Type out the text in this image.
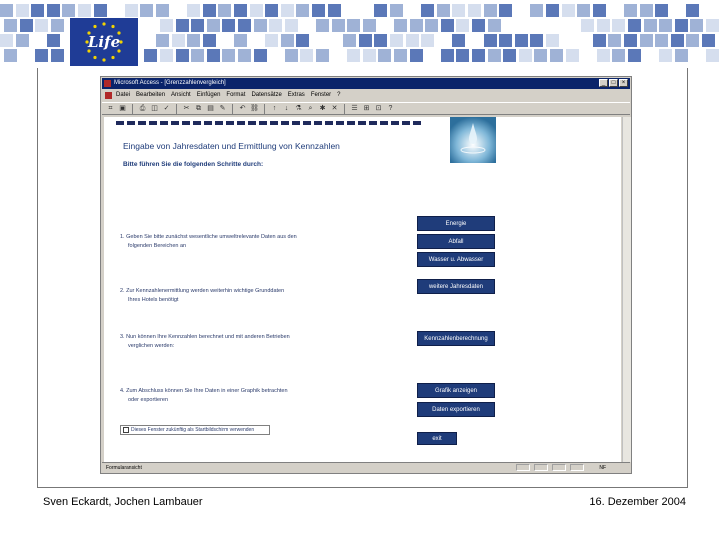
Life
Microsoft Access - [Grenzzahlenvergleich]	_	□	×
Datei Bearbeiten Ansicht Einfügen Format Datensätze Extras Fenster ?
⌗ ▣ ⎙ ◫ ✓ ✂ ⧉ ▤ ✎ ↶ ⛓	↑	↓	⚗ ⌕	✱ ✕ ☰ ⊞ ⊡	?
Eingabe von Jahresdaten und Ermittlung von Kennzahlen
Bitte führen Sie die folgenden Schritte durch:
1. Geben Sie bitte zunächst wesentliche umweltrelevante Daten aus den
folgenden Bereichen an
2. Zur Kennzahlenermittlung werden weiterhin wichtige Grunddaten
Ihres Hotels benötigt
3. Nun können Ihre Kennzahlen berechnet und mit anderen Betrieben
verglichen werden:
4. Zum Abschluss können Sie Ihre Daten in einer Graphik betrachten
oder exportieren
Energie
Abfall
Wasser u. Abwasser
weitere Jahresdaten
Kennzahlenberechnung
Grafik anzeigen
Daten exportieren
exit
Dieses Fenster zukünftig als Startbildschirm verwenden
Formularansicht	NF
Sven Eckardt, Jochen Lambauer	16. Dezember 2004
